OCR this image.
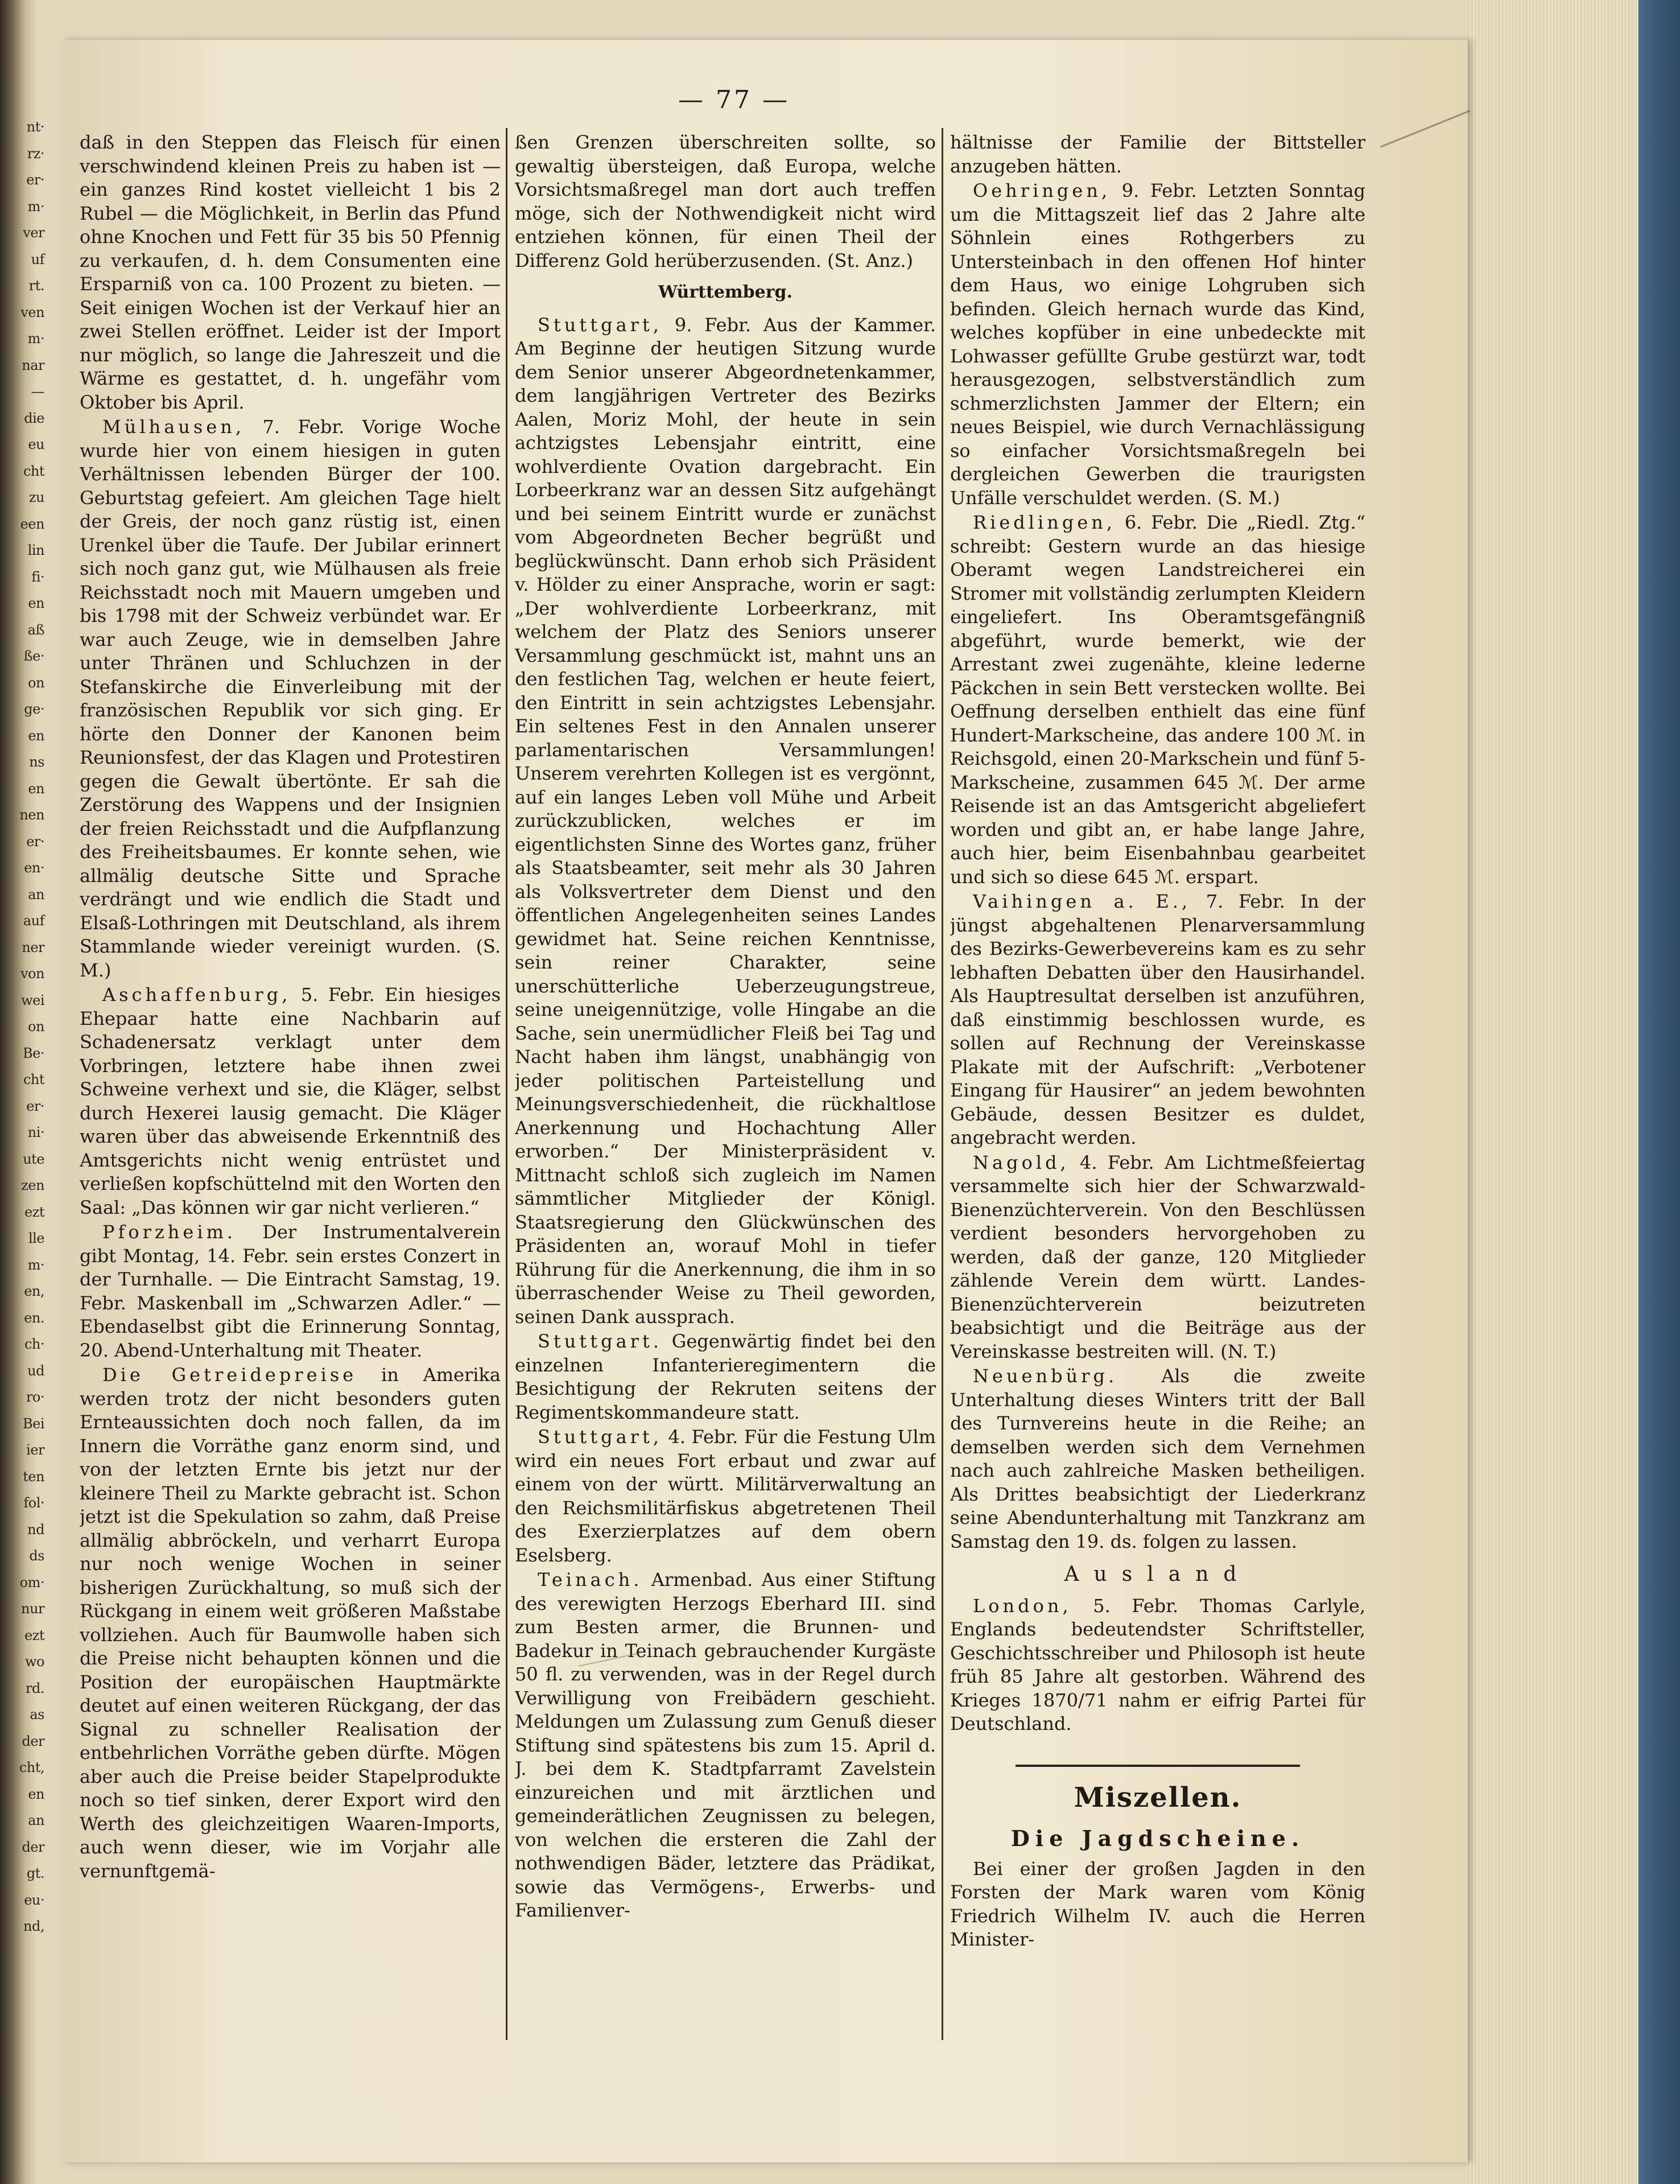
nt·
rz·
er·
m·
ver
uf
rt.
ven
m·
nar
—
die
eu
cht
zu
een
lin
fi·
en
aß
ße·
on
ge·
en
ns
en
nen
er·
en·
an
auf
ner
von
wei
on
Be·
cht
er·
ni·
ute
zen
ezt
lle
m·
en,
en.
ch·
ud
ro·
Bei
ier
ten
fol·
nd
ds
om·
nur
ezt
wo
rd.
as
der
cht,
en
an
der
gt.
eu·
nd,
— 77 —

daß in den Steppen das Fleisch für einen verschwindend kleinen Preis zu haben ist — ein ganzes Rind kostet vielleicht 1 bis 2 Rubel — die Möglichkeit, in Berlin das Pfund ohne Knochen und Fett für 35 bis 50 Pfennig zu verkaufen, d. h. dem Consumenten eine Ersparniß von ca. 100 Prozent zu bieten. — Seit einigen Wochen ist der Verkauf hier an zwei Stellen eröffnet. Leider ist der Import nur möglich, so lange die Jahreszeit und die Wärme es gestattet, d. h. ungefähr vom Oktober bis April.

Mülhausen, 7. Febr. Vorige Woche wurde hier von einem hiesigen in guten Verhältnissen lebenden Bürger der 100. Geburtstag gefeiert. Am gleichen Tage hielt der Greis, der noch ganz rüstig ist, einen Urenkel über die Taufe. Der Jubilar erinnert sich noch ganz gut, wie Mülhausen als freie Reichsstadt noch mit Mauern umgeben und bis 1798 mit der Schweiz verbündet war. Er war auch Zeuge, wie in demselben Jahre unter Thränen und Schluchzen in der Stefanskirche die Einverleibung mit der französischen Republik vor sich ging. Er hörte den Donner der Kanonen beim Reunionsfest, der das Klagen und Protestiren gegen die Gewalt übertönte. Er sah die Zerstörung des Wappens und der Insignien der freien Reichsstadt und die Aufpflanzung des Freiheitsbaumes. Er konnte sehen, wie allmälig deutsche Sitte und Sprache verdrängt und wie endlich die Stadt und Elsaß-Lothringen mit Deutschland, als ihrem Stammlande wieder vereinigt wurden. (S. M.)

Aschaffenburg, 5. Febr. Ein hiesiges Ehepaar hatte eine Nachbarin auf Schadenersatz verklagt unter dem Vorbringen, letztere habe ihnen zwei Schweine verhext und sie, die Kläger, selbst durch Hexerei lausig gemacht. Die Kläger waren über das abweisende Erkenntniß des Amtsgerichts nicht wenig entrüstet und verließen kopfschüttelnd mit den Worten den Saal: „Das können wir gar nicht verlieren.“

Pforzheim. Der Instrumentalverein gibt Montag, 14. Febr. sein erstes Conzert in der Turnhalle. — Die Eintracht Samstag, 19. Febr. Maskenball im „Schwarzen Adler.“ — Ebendaselbst gibt die Erinnerung Sonntag, 20. Abend-Unterhaltung mit Theater.

Die Getreidepreise in Amerika werden trotz der nicht besonders guten Ernteaussichten doch noch fallen, da im Innern die Vorräthe ganz enorm sind, und von der letzten Ernte bis jetzt nur der kleinere Theil zu Markte gebracht ist. Schon jetzt ist die Spekulation so zahm, daß Preise allmälig abbröckeln, und verharrt Europa nur noch wenige Wochen in seiner bisherigen Zurückhaltung, so muß sich der Rückgang in einem weit größeren Maßstabe vollziehen. Auch für Baumwolle haben sich die Preise nicht behaupten können und die Position der europäischen Hauptmärkte deutet auf einen weiteren Rückgang, der das Signal zu schneller Realisation der entbehrlichen Vorräthe geben dürfte. Mögen aber auch die Preise beider Stapelprodukte noch so tief sinken, derer Export wird den Werth des gleichzeitigen Waaren-Imports, auch wenn dieser, wie im Vorjahr alle vernunftgemä-

ßen Grenzen überschreiten sollte, so gewaltig übersteigen, daß Europa, welche Vorsichtsmaßregel man dort auch treffen möge, sich der Nothwendigkeit nicht wird entziehen können, für einen Theil der Differenz Gold herüberzusenden. (St. Anz.)

Württemberg.

Stuttgart, 9. Febr. Aus der Kammer. Am Beginne der heutigen Sitzung wurde dem Senior unserer Abgeordnetenkammer, dem langjährigen Vertreter des Bezirks Aalen, Moriz Mohl, der heute in sein achtzigstes Lebensjahr eintritt, eine wohlverdiente Ovation dargebracht. Ein Lorbeerkranz war an dessen Sitz aufgehängt und bei seinem Eintritt wurde er zunächst vom Abgeordneten Becher begrüßt und beglückwünscht. Dann erhob sich Präsident v. Hölder zu einer Ansprache, worin er sagt: „Der wohlverdiente Lorbeerkranz, mit welchem der Platz des Seniors unserer Versammlung geschmückt ist, mahnt uns an den festlichen Tag, welchen er heute feiert, den Eintritt in sein achtzigstes Lebensjahr. Ein seltenes Fest in den Annalen unserer parlamentarischen Versammlungen! Unserem verehrten Kollegen ist es vergönnt, auf ein langes Leben voll Mühe und Arbeit zurückzublicken, welches er im eigentlichsten Sinne des Wortes ganz, früher als Staatsbeamter, seit mehr als 30 Jahren als Volksvertreter dem Dienst und den öffentlichen Angelegenheiten seines Landes gewidmet hat. Seine reichen Kenntnisse, sein reiner Charakter, seine unerschütterliche Ueberzeugungstreue, seine uneigennützige, volle Hingabe an die Sache, sein unermüdlicher Fleiß bei Tag und Nacht haben ihm längst, unabhängig von jeder politischen Parteistellung und Meinungsverschiedenheit, die rückhaltlose Anerkennung und Hochachtung Aller erworben.“ Der Ministerpräsident v. Mittnacht schloß sich zugleich im Namen sämmtlicher Mitglieder der Königl. Staatsregierung den Glückwünschen des Präsidenten an, worauf Mohl in tiefer Rührung für die Anerkennung, die ihm in so überraschender Weise zu Theil geworden, seinen Dank aussprach.

Stuttgart. Gegenwärtig findet bei den einzelnen Infanterieregimentern die Besichtigung der Rekruten seitens der Regimentskommandeure statt.

Stuttgart, 4. Febr. Für die Festung Ulm wird ein neues Fort erbaut und zwar auf einem von der württ. Militärverwaltung an den Reichsmilitärfiskus abgetretenen Theil des Exerzierplatzes auf dem obern Eselsberg.

Teinach. Armenbad. Aus einer Stiftung des verewigten Herzogs Eberhard III. sind zum Besten armer, die Brunnen- und Badekur in Teinach gebrauchender Kurgäste 50 fl. zu verwenden, was in der Regel durch Verwilligung von Freibädern geschieht. Meldungen um Zulassung zum Genuß dieser Stiftung sind spätestens bis zum 15. April d. J. bei dem K. Stadtpfarramt Zavelstein einzureichen und mit ärztlichen und gemeinderätlichen Zeugnissen zu belegen, von welchen die ersteren die Zahl der nothwendigen Bäder, letztere das Prädikat, sowie das Vermögens-, Erwerbs- und Familienver-

hältnisse der Familie der Bittsteller anzugeben hätten.

Oehringen, 9. Febr. Letzten Sonntag um die Mittagszeit lief das 2 Jahre alte Söhnlein eines Rothgerbers zu Untersteinbach in den offenen Hof hinter dem Haus, wo einige Lohgruben sich befinden. Gleich hernach wurde das Kind, welches kopfüber in eine unbedeckte mit Lohwasser gefüllte Grube gestürzt war, todt herausgezogen, selbstverständlich zum schmerzlichsten Jammer der Eltern; ein neues Beispiel, wie durch Vernachlässigung so einfacher Vorsichtsmaßregeln bei dergleichen Gewerben die traurigsten Unfälle verschuldet werden. (S. M.)

Riedlingen, 6. Febr. Die „Riedl. Ztg.“ schreibt: Gestern wurde an das hiesige Oberamt wegen Landstreicherei ein Stromer mit vollständig zerlumpten Kleidern eingeliefert. Ins Oberamtsgefängniß abgeführt, wurde bemerkt, wie der Arrestant zwei zugenähte, kleine lederne Päckchen in sein Bett verstecken wollte. Bei Oeffnung derselben enthielt das eine fünf Hundert-Markscheine, das andere 100 ℳ. in Reichsgold, einen 20-Markschein und fünf 5-Markscheine, zusammen 645 ℳ. Der arme Reisende ist an das Amtsgericht abgeliefert worden und gibt an, er habe lange Jahre, auch hier, beim Eisenbahnbau gearbeitet und sich so diese 645 ℳ. erspart.

Vaihingen a. E., 7. Febr. In der jüngst abgehaltenen Plenarversammlung des Bezirks-Gewerbevereins kam es zu sehr lebhaften Debatten über den Hausirhandel. Als Hauptresultat derselben ist anzuführen, daß einstimmig beschlossen wurde, es sollen auf Rechnung der Vereinskasse Plakate mit der Aufschrift: „Verbotener Eingang für Hausirer“ an jedem bewohnten Gebäude, dessen Besitzer es duldet, angebracht werden.

Nagold, 4. Febr. Am Lichtmeßfeiertag versammelte sich hier der Schwarzwald-Bienenzüchterverein. Von den Beschlüssen verdient besonders hervorgehoben zu werden, daß der ganze, 120 Mitglieder zählende Verein dem württ. Landes-Bienenzüchterverein beizutreten beabsichtigt und die Beiträge aus der Vereinskasse bestreiten will. (N. T.)

Neuenbürg. Als die zweite Unterhaltung dieses Winters tritt der Ball des Turnvereins heute in die Reihe; an demselben werden sich dem Vernehmen nach auch zahlreiche Masken betheiligen. Als Drittes beabsichtigt der Liederkranz seine Abendunterhaltung mit Tanzkranz am Samstag den 19. ds. folgen zu lassen.

Ausland

London, 5. Febr. Thomas Carlyle, Englands bedeutendster Schriftsteller, Geschichtsschreiber und Philosoph ist heute früh 85 Jahre alt gestorben. Während des Krieges 1870/71 nahm er eifrig Partei für Deutschland.

Miszellen.

Die Jagdscheine.

Bei einer der großen Jagden in den Forsten der Mark waren vom König Friedrich Wilhelm IV. auch die Herren Minister-
